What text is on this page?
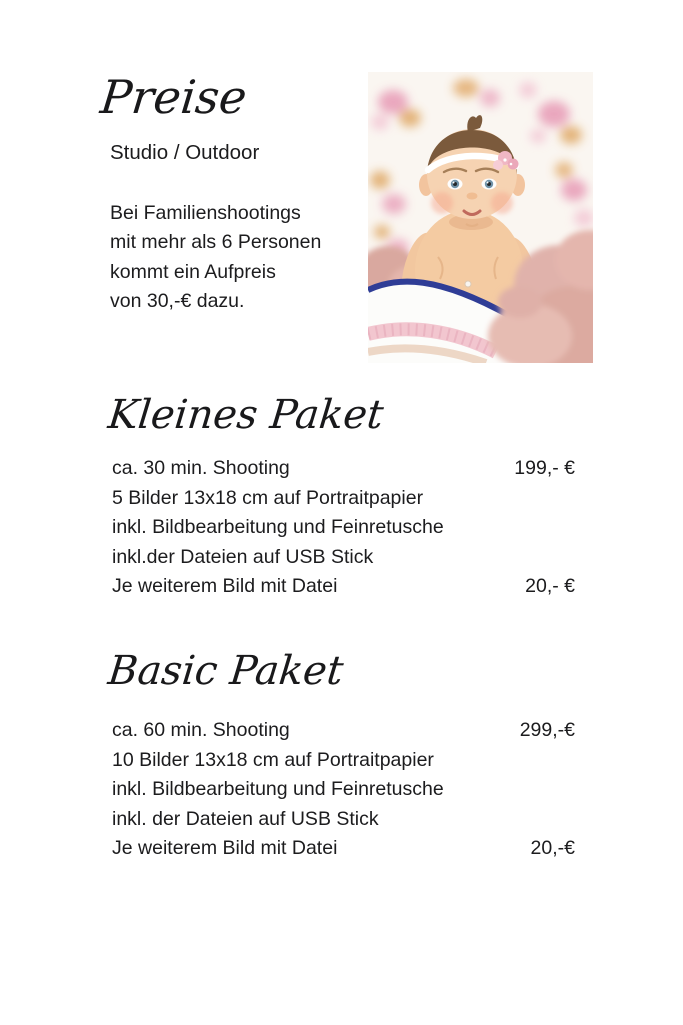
Preise
Studio / Outdoor

Bei Familienshootings
mit mehr als 6 Personen
kommt ein Aufpreis
von 30,-€ dazu.

Kleines Paket
ca. 30 min. Shooting	199,- €
5 Bilder 13x18 cm auf Portraitpapier
inkl. Bildbearbeitung und Feinretusche
inkl.der Dateien auf USB Stick
Je weiterem Bild mit Datei	20,- €
Basic Paket
ca. 60 min. Shooting	299,-€
10 Bilder 13x18 cm auf Portraitpapier
inkl. Bildbearbeitung und Feinretusche
inkl. der Dateien auf USB Stick
Je weiterem Bild mit Datei	20,-€
